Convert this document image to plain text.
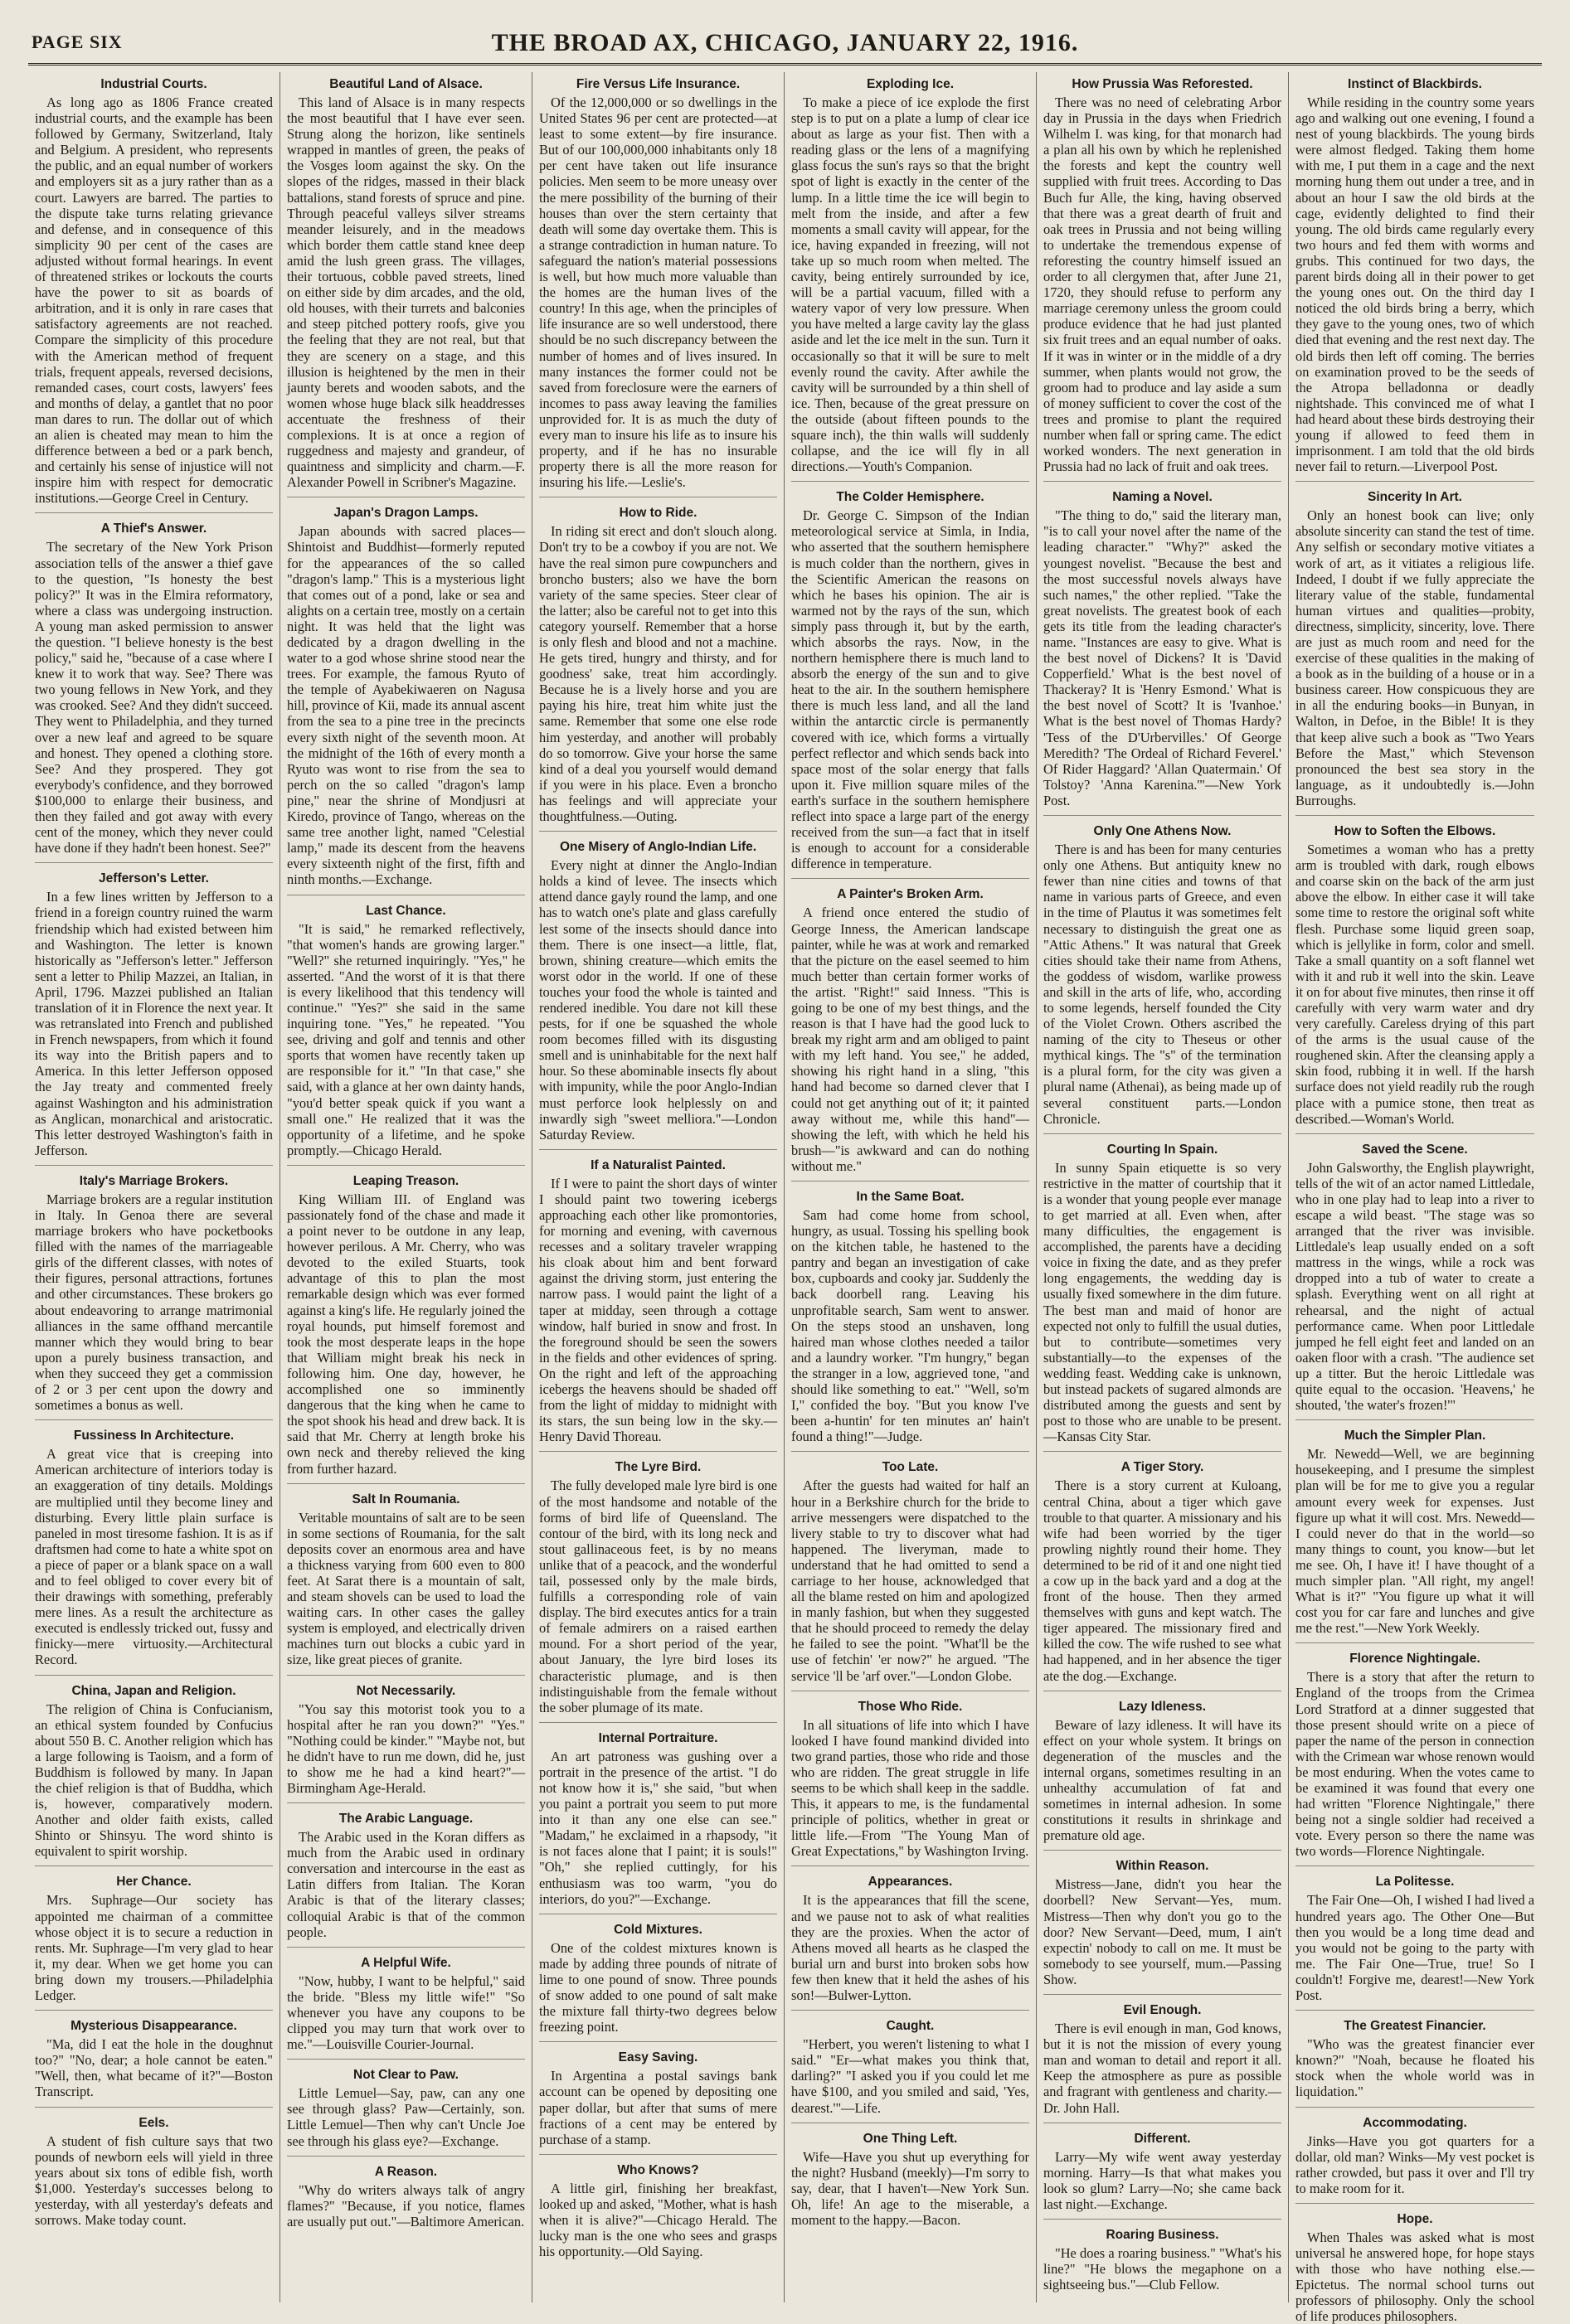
PAGE SIX	THE BROAD AX, CHICAGO, JANUARY 22, 1916.
Industrial Courts.

As long ago as 1806 France created industrial courts, and the example has been followed by Germany, Switzerland, Italy and Belgium. A president, who represents the public, and an equal number of workers and employers sit as a jury rather than as a court. Lawyers are barred. The parties to the dispute take turns relating grievance and defense, and in consequence of this simplicity 90 per cent of the cases are adjusted without formal hearings. In event of threatened strikes or lockouts the courts have the power to sit as boards of arbitration, and it is only in rare cases that satisfactory agreements are not reached. Compare the simplicity of this procedure with the American method of frequent trials, frequent appeals, reversed decisions, remanded cases, court costs, lawyers' fees and months of delay, a gantlet that no poor man dares to run. The dollar out of which an alien is cheated may mean to him the difference between a bed or a park bench, and certainly his sense of injustice will not inspire him with respect for democratic institutions.—George Creel in Century.

A Thief's Answer.

The secretary of the New York Prison association tells of the answer a thief gave to the question, "Is honesty the best policy?" It was in the Elmira reformatory, where a class was undergoing instruction. A young man asked permission to answer the question. "I believe honesty is the best policy," said he, "because of a case where I knew it to work that way. See? There was two young fellows in New York, and they was crooked. See? And they didn't succeed. They went to Philadelphia, and they turned over a new leaf and agreed to be square and honest. They opened a clothing store. See? And they prospered. They got everybody's confidence, and they borrowed $100,000 to enlarge their business, and then they failed and got away with every cent of the money, which they never could have done if they hadn't been honest. See?"

Jefferson's Letter.

In a few lines written by Jefferson to a friend in a foreign country ruined the warm friendship which had existed between him and Washington. The letter is known historically as "Jefferson's letter." Jefferson sent a letter to Philip Mazzei, an Italian, in April, 1796. Mazzei published an Italian translation of it in Florence the next year. It was retranslated into French and published in French newspapers, from which it found its way into the British papers and to America. In this letter Jefferson opposed the Jay treaty and commented freely against Washington and his administration as Anglican, monarchical and aristocratic. This letter destroyed Washington's faith in Jefferson.

Italy's Marriage Brokers.

Marriage brokers are a regular institution in Italy. In Genoa there are several marriage brokers who have pocketbooks filled with the names of the marriageable girls of the different classes, with notes of their figures, personal attractions, fortunes and other circumstances. These brokers go about endeavoring to arrange matrimonial alliances in the same offhand mercantile manner which they would bring to bear upon a purely business transaction, and when they succeed they get a commission of 2 or 3 per cent upon the dowry and sometimes a bonus as well.

Fussiness In Architecture.

A great vice that is creeping into American architecture of interiors today is an exaggeration of tiny details. Moldings are multiplied until they become liney and disturbing. Every little plain surface is paneled in most tiresome fashion. It is as if draftsmen had come to hate a white spot on a piece of paper or a blank space on a wall and to feel obliged to cover every bit of their drawings with something, preferably mere lines. As a result the architecture as executed is endlessly tricked out, fussy and finicky—mere virtuosity.—Architectural Record.

China, Japan and Religion.

The religion of China is Confucianism, an ethical system founded by Confucius about 550 B. C. Another religion which has a large following is Taoism, and a form of Buddhism is followed by many. In Japan the chief religion is that of Buddha, which is, however, comparatively modern. Another and older faith exists, called Shinto or Shinsyu. The word shinto is equivalent to spirit worship.

Her Chance.

Mrs. Suphrage—Our society has appointed me chairman of a committee whose object it is to secure a reduction in rents. Mr. Suphrage—I'm very glad to hear it, my dear. When we get home you can bring down my trousers.—Philadelphia Ledger.

Mysterious Disappearance.

"Ma, did I eat the hole in the doughnut too?" "No, dear; a hole cannot be eaten." "Well, then, what became of it?"—Boston Transcript.

Eels.

A student of fish culture says that two pounds of newborn eels will yield in three years about six tons of edible fish, worth $1,000. Yesterday's successes belong to yesterday, with all yesterday's defeats and sorrows. Make today count.

Beautiful Land of Alsace.

This land of Alsace is in many respects the most beautiful that I have ever seen. Strung along the horizon, like sentinels wrapped in mantles of green, the peaks of the Vosges loom against the sky. On the slopes of the ridges, massed in their black battalions, stand forests of spruce and pine. Through peaceful valleys silver streams meander leisurely, and in the meadows which border them cattle stand knee deep amid the lush green grass. The villages, their tortuous, cobble paved streets, lined on either side by dim arcades, and the old, old houses, with their turrets and balconies and steep pitched pottery roofs, give you the feeling that they are not real, but that they are scenery on a stage, and this illusion is heightened by the men in their jaunty berets and wooden sabots, and the women whose huge black silk headdresses accentuate the freshness of their complexions. It is at once a region of ruggedness and majesty and grandeur, of quaintness and simplicity and charm.—F. Alexander Powell in Scribner's Magazine.

Japan's Dragon Lamps.

Japan abounds with sacred places—Shintoist and Buddhist—formerly reputed for the appearances of the so called "dragon's lamp." This is a mysterious light that comes out of a pond, lake or sea and alights on a certain tree, mostly on a certain night. It was held that the light was dedicated by a dragon dwelling in the water to a god whose shrine stood near the trees. For example, the famous Ryuto of the temple of Ayabekiwaeren on Nagusa hill, province of Kii, made its annual ascent from the sea to a pine tree in the precincts every sixth night of the seventh moon. At the midnight of the 16th of every month a Ryuto was wont to rise from the sea to perch on the so called "dragon's lamp pine," near the shrine of Mondjusri at Kiredo, province of Tango, whereas on the same tree another light, named "Celestial lamp," made its descent from the heavens every sixteenth night of the first, fifth and ninth months.—Exchange.

Last Chance.

"It is said," he remarked reflectively, "that women's hands are growing larger." "Well?" she returned inquiringly. "Yes," he asserted. "And the worst of it is that there is every likelihood that this tendency will continue." "Yes?" she said in the same inquiring tone. "Yes," he repeated. "You see, driving and golf and tennis and other sports that women have recently taken up are responsible for it." "In that case," she said, with a glance at her own dainty hands, "you'd better speak quick if you want a small one." He realized that it was the opportunity of a lifetime, and he spoke promptly.—Chicago Herald.

Leaping Treason.

King William III. of England was passionately fond of the chase and made it a point never to be outdone in any leap, however perilous. A Mr. Cherry, who was devoted to the exiled Stuarts, took advantage of this to plan the most remarkable design which was ever formed against a king's life. He regularly joined the royal hounds, put himself foremost and took the most desperate leaps in the hope that William might break his neck in following him. One day, however, he accomplished one so imminently dangerous that the king when he came to the spot shook his head and drew back. It is said that Mr. Cherry at length broke his own neck and thereby relieved the king from further hazard.

Salt In Roumania.

Veritable mountains of salt are to be seen in some sections of Roumania, for the salt deposits cover an enormous area and have a thickness varying from 600 even to 800 feet. At Sarat there is a mountain of salt, and steam shovels can be used to load the waiting cars. In other cases the galley system is employed, and electrically driven machines turn out blocks a cubic yard in size, like great pieces of granite.

Not Necessarily.

"You say this motorist took you to a hospital after he ran you down?" "Yes." "Nothing could be kinder." "Maybe not, but he didn't have to run me down, did he, just to show me he had a kind heart?"—Birmingham Age-Herald.

The Arabic Language.

The Arabic used in the Koran differs as much from the Arabic used in ordinary conversation and intercourse in the east as Latin differs from Italian. The Koran Arabic is that of the literary classes; colloquial Arabic is that of the common people.

A Helpful Wife.

"Now, hubby, I want to be helpful," said the bride. "Bless my little wife!" "So whenever you have any coupons to be clipped you may turn that work over to me."—Louisville Courier-Journal.

Not Clear to Paw.

Little Lemuel—Say, paw, can any one see through glass? Paw—Certainly, son. Little Lemuel—Then why can't Uncle Joe see through his glass eye?—Exchange.

A Reason.

"Why do writers always talk of angry flames?" "Because, if you notice, flames are usually put out."—Baltimore American.

Fire Versus Life Insurance.

Of the 12,000,000 or so dwellings in the United States 96 per cent are protected—at least to some extent—by fire insurance. But of our 100,000,000 inhabitants only 18 per cent have taken out life insurance policies. Men seem to be more uneasy over the mere possibility of the burning of their houses than over the stern certainty that death will some day overtake them. This is a strange contradiction in human nature. To safeguard the nation's material possessions is well, but how much more valuable than the homes are the human lives of the country! In this age, when the principles of life insurance are so well understood, there should be no such discrepancy between the number of homes and of lives insured. In many instances the former could not be saved from foreclosure were the earners of incomes to pass away leaving the families unprovided for. It is as much the duty of every man to insure his life as to insure his property, and if he has no insurable property there is all the more reason for insuring his life.—Leslie's.

How to Ride.

In riding sit erect and don't slouch along. Don't try to be a cowboy if you are not. We have the real simon pure cowpunchers and broncho busters; also we have the born variety of the same species. Steer clear of the latter; also be careful not to get into this category yourself. Remember that a horse is only flesh and blood and not a machine. He gets tired, hungry and thirsty, and for goodness' sake, treat him accordingly. Because he is a lively horse and you are paying his hire, treat him white just the same. Remember that some one else rode him yesterday, and another will probably do so tomorrow. Give your horse the same kind of a deal you yourself would demand if you were in his place. Even a broncho has feelings and will appreciate your thoughtfulness.—Outing.

One Misery of Anglo-Indian Life.

Every night at dinner the Anglo-Indian holds a kind of levee. The insects which attend dance gayly round the lamp, and one has to watch one's plate and glass carefully lest some of the insects should dance into them. There is one insect—a little, flat, brown, shining creature—which emits the worst odor in the world. If one of these touches your food the whole is tainted and rendered inedible. You dare not kill these pests, for if one be squashed the whole room becomes filled with its disgusting smell and is uninhabitable for the next half hour. So these abominable insects fly about with impunity, while the poor Anglo-Indian must perforce look helplessly on and inwardly sigh "sweet melliora."—London Saturday Review.

If a Naturalist Painted.

If I were to paint the short days of winter I should paint two towering icebergs approaching each other like promontories, for morning and evening, with cavernous recesses and a solitary traveler wrapping his cloak about him and bent forward against the driving storm, just entering the narrow pass. I would paint the light of a taper at midday, seen through a cottage window, half buried in snow and frost. In the foreground should be seen the sowers in the fields and other evidences of spring. On the right and left of the approaching icebergs the heavens should be shaded off from the light of midday to midnight with its stars, the sun being low in the sky.—Henry David Thoreau.

The Lyre Bird.

The fully developed male lyre bird is one of the most handsome and notable of the forms of bird life of Queensland. The contour of the bird, with its long neck and stout gallinaceous feet, is by no means unlike that of a peacock, and the wonderful tail, possessed only by the male birds, fulfills a corresponding role of vain display. The bird executes antics for a train of female admirers on a raised earthen mound. For a short period of the year, about January, the lyre bird loses its characteristic plumage, and is then indistinguishable from the female without the sober plumage of its mate.

Internal Portraiture.

An art patroness was gushing over a portrait in the presence of the artist. "I do not know how it is," she said, "but when you paint a portrait you seem to put more into it than any one else can see." "Madam," he exclaimed in a rhapsody, "it is not faces alone that I paint; it is souls!" "Oh," she replied cuttingly, for his enthusiasm was too warm, "you do interiors, do you?"—Exchange.

Cold Mixtures.

One of the coldest mixtures known is made by adding three pounds of nitrate of lime to one pound of snow. Three pounds of snow added to one pound of salt make the mixture fall thirty-two degrees below freezing point.

Easy Saving.

In Argentina a postal savings bank account can be opened by depositing one paper dollar, but after that sums of mere fractions of a cent may be entered by purchase of a stamp.

Who Knows?

A little girl, finishing her breakfast, looked up and asked, "Mother, what is hash when it is alive?"—Chicago Herald. The lucky man is the one who sees and grasps his opportunity.—Old Saying.

Exploding Ice.

To make a piece of ice explode the first step is to put on a plate a lump of clear ice about as large as your fist. Then with a reading glass or the lens of a magnifying glass focus the sun's rays so that the bright spot of light is exactly in the center of the lump. In a little time the ice will begin to melt from the inside, and after a few moments a small cavity will appear, for the ice, having expanded in freezing, will not take up so much room when melted. The cavity, being entirely surrounded by ice, will be a partial vacuum, filled with a watery vapor of very low pressure. When you have melted a large cavity lay the glass aside and let the ice melt in the sun. Turn it occasionally so that it will be sure to melt evenly round the cavity. After awhile the cavity will be surrounded by a thin shell of ice. Then, because of the great pressure on the outside (about fifteen pounds to the square inch), the thin walls will suddenly collapse, and the ice will fly in all directions.—Youth's Companion.

The Colder Hemisphere.

Dr. George C. Simpson of the Indian meteorological service at Simla, in India, who asserted that the southern hemisphere is much colder than the northern, gives in the Scientific American the reasons on which he bases his opinion. The air is warmed not by the rays of the sun, which simply pass through it, but by the earth, which absorbs the rays. Now, in the northern hemisphere there is much land to absorb the energy of the sun and to give heat to the air. In the southern hemisphere there is much less land, and all the land within the antarctic circle is permanently covered with ice, which forms a virtually perfect reflector and which sends back into space most of the solar energy that falls upon it. Five million square miles of the earth's surface in the southern hemisphere reflect into space a large part of the energy received from the sun—a fact that in itself is enough to account for a considerable difference in temperature.

A Painter's Broken Arm.

A friend once entered the studio of George Inness, the American landscape painter, while he was at work and remarked that the picture on the easel seemed to him much better than certain former works of the artist. "Right!" said Inness. "This is going to be one of my best things, and the reason is that I have had the good luck to break my right arm and am obliged to paint with my left hand. You see," he added, showing his right hand in a sling, "this hand had become so darned clever that I could not get anything out of it; it painted away without me, while this hand"—showing the left, with which he held his brush—"is awkward and can do nothing without me."

In the Same Boat.

Sam had come home from school, hungry, as usual. Tossing his spelling book on the kitchen table, he hastened to the pantry and began an investigation of cake box, cupboards and cooky jar. Suddenly the back doorbell rang. Leaving his unprofitable search, Sam went to answer. On the steps stood an unshaven, long haired man whose clothes needed a tailor and a laundry worker. "I'm hungry," began the stranger in a low, aggrieved tone, "and should like something to eat." "Well, so'm I," confided the boy. "But you know I've been a-huntin' for ten minutes an' hain't found a thing!"—Judge.

Too Late.

After the guests had waited for half an hour in a Berkshire church for the bride to arrive messengers were dispatched to the livery stable to try to discover what had happened. The liveryman, made to understand that he had omitted to send a carriage to her house, acknowledged that all the blame rested on him and apologized in manly fashion, but when they suggested that he should proceed to remedy the delay he failed to see the point. "What'll be the use of fetchin' 'er now?" he argued. "The service 'll be 'arf over."—London Globe.

Those Who Ride.

In all situations of life into which I have looked I have found mankind divided into two grand parties, those who ride and those who are ridden. The great struggle in life seems to be which shall keep in the saddle. This, it appears to me, is the fundamental principle of politics, whether in great or little life.—From "The Young Man of Great Expectations," by Washington Irving.

Appearances.

It is the appearances that fill the scene, and we pause not to ask of what realities they are the proxies. When the actor of Athens moved all hearts as he clasped the burial urn and burst into broken sobs how few then knew that it held the ashes of his son!—Bulwer-Lytton.

Caught.

"Herbert, you weren't listening to what I said." "Er—what makes you think that, darling?" "I asked you if you could let me have $100, and you smiled and said, 'Yes, dearest.'"—Life.

One Thing Left.

Wife—Have you shut up everything for the night? Husband (meekly)—I'm sorry to say, dear, that I haven't—New York Sun. Oh, life! An age to the miserable, a moment to the happy.—Bacon.

How Prussia Was Reforested.

There was no need of celebrating Arbor day in Prussia in the days when Friedrich Wilhelm I. was king, for that monarch had a plan all his own by which he replenished the forests and kept the country well supplied with fruit trees. According to Das Buch fur Alle, the king, having observed that there was a great dearth of fruit and oak trees in Prussia and not being willing to undertake the tremendous expense of reforesting the country himself issued an order to all clergymen that, after June 21, 1720, they should refuse to perform any marriage ceremony unless the groom could produce evidence that he had just planted six fruit trees and an equal number of oaks. If it was in winter or in the middle of a dry summer, when plants would not grow, the groom had to produce and lay aside a sum of money sufficient to cover the cost of the trees and promise to plant the required number when fall or spring came. The edict worked wonders. The next generation in Prussia had no lack of fruit and oak trees.

Naming a Novel.

"The thing to do," said the literary man, "is to call your novel after the name of the leading character." "Why?" asked the youngest novelist. "Because the best and the most successful novels always have such names," the other replied. "Take the great novelists. The greatest book of each gets its title from the leading character's name. "Instances are easy to give. What is the best novel of Dickens? It is 'David Copperfield.' What is the best novel of Thackeray? It is 'Henry Esmond.' What is the best novel of Scott? It is 'Ivanhoe.' What is the best novel of Thomas Hardy? 'Tess of the D'Urbervilles.' Of George Meredith? 'The Ordeal of Richard Feverel.' Of Rider Haggard? 'Allan Quatermain.' Of Tolstoy? 'Anna Karenina.'"—New York Post.

Only One Athens Now.

There is and has been for many centuries only one Athens. But antiquity knew no fewer than nine cities and towns of that name in various parts of Greece, and even in the time of Plautus it was sometimes felt necessary to distinguish the great one as "Attic Athens." It was natural that Greek cities should take their name from Athens, the goddess of wisdom, warlike prowess and skill in the arts of life, who, according to some legends, herself founded the City of the Violet Crown. Others ascribed the naming of the city to Theseus or other mythical kings. The "s" of the termination is a plural form, for the city was given a plural name (Athenai), as being made up of several constituent parts.—London Chronicle.

Courting In Spain.

In sunny Spain etiquette is so very restrictive in the matter of courtship that it is a wonder that young people ever manage to get married at all. Even when, after many difficulties, the engagement is accomplished, the parents have a deciding voice in fixing the date, and as they prefer long engagements, the wedding day is usually fixed somewhere in the dim future. The best man and maid of honor are expected not only to fulfill the usual duties, but to contribute—sometimes very substantially—to the expenses of the wedding feast. Wedding cake is unknown, but instead packets of sugared almonds are distributed among the guests and sent by post to those who are unable to be present.—Kansas City Star.

A Tiger Story.

There is a story current at Kuloang, central China, about a tiger which gave trouble to that quarter. A missionary and his wife had been worried by the tiger prowling nightly round their home. They determined to be rid of it and one night tied a cow up in the back yard and a dog at the front of the house. Then they armed themselves with guns and kept watch. The tiger appeared. The missionary fired and killed the cow. The wife rushed to see what had happened, and in her absence the tiger ate the dog.—Exchange.

Lazy Idleness.

Beware of lazy idleness. It will have its effect on your whole system. It brings on degeneration of the muscles and the internal organs, sometimes resulting in an unhealthy accumulation of fat and sometimes in internal adhesion. In some constitutions it results in shrinkage and premature old age.

Within Reason.

Mistress—Jane, didn't you hear the doorbell? New Servant—Yes, mum. Mistress—Then why don't you go to the door? New Servant—Deed, mum, I ain't expectin' nobody to call on me. It must be somebody to see yourself, mum.—Passing Show.

Evil Enough.

There is evil enough in man, God knows, but it is not the mission of every young man and woman to detail and report it all. Keep the atmosphere as pure as possible and fragrant with gentleness and charity.—Dr. John Hall.

Different.

Larry—My wife went away yesterday morning. Harry—Is that what makes you look so glum? Larry—No; she came back last night.—Exchange.

Roaring Business.

"He does a roaring business." "What's his line?" "He blows the megaphone on a sightseeing bus."—Club Fellow.

Instinct of Blackbirds.

While residing in the country some years ago and walking out one evening, I found a nest of young blackbirds. The young birds were almost fledged. Taking them home with me, I put them in a cage and the next morning hung them out under a tree, and in about an hour I saw the old birds at the cage, evidently delighted to find their young. The old birds came regularly every two hours and fed them with worms and grubs. This continued for two days, the parent birds doing all in their power to get the young ones out. On the third day I noticed the old birds bring a berry, which they gave to the young ones, two of which died that evening and the rest next day. The old birds then left off coming. The berries on examination proved to be the seeds of the Atropa belladonna or deadly nightshade. This convinced me of what I had heard about these birds destroying their young if allowed to feed them in imprisonment. I am told that the old birds never fail to return.—Liverpool Post.

Sincerity In Art.

Only an honest book can live; only absolute sincerity can stand the test of time. Any selfish or secondary motive vitiates a work of art, as it vitiates a religious life. Indeed, I doubt if we fully appreciate the literary value of the stable, fundamental human virtues and qualities—probity, directness, simplicity, sincerity, love. There are just as much room and need for the exercise of these qualities in the making of a book as in the building of a house or in a business career. How conspicuous they are in all the enduring books—in Bunyan, in Walton, in Defoe, in the Bible! It is they that keep alive such a book as "Two Years Before the Mast," which Stevenson pronounced the best sea story in the language, as it undoubtedly is.—John Burroughs.

How to Soften the Elbows.

Sometimes a woman who has a pretty arm is troubled with dark, rough elbows and coarse skin on the back of the arm just above the elbow. In either case it will take some time to restore the original soft white flesh. Purchase some liquid green soap, which is jellylike in form, color and smell. Take a small quantity on a soft flannel wet with it and rub it well into the skin. Leave it on for about five minutes, then rinse it off carefully with very warm water and dry very carefully. Careless drying of this part of the arms is the usual cause of the roughened skin. After the cleansing apply a skin food, rubbing it in well. If the harsh surface does not yield readily rub the rough place with a pumice stone, then treat as described.—Woman's World.

Saved the Scene.

John Galsworthy, the English playwright, tells of the wit of an actor named Littledale, who in one play had to leap into a river to escape a wild beast. "The stage was so arranged that the river was invisible. Littledale's leap usually ended on a soft mattress in the wings, while a rock was dropped into a tub of water to create a splash. Everything went on all right at rehearsal, and the night of actual performance came. When poor Littledale jumped he fell eight feet and landed on an oaken floor with a crash. "The audience set up a titter. But the heroic Littledale was quite equal to the occasion. 'Heavens,' he shouted, 'the water's frozen!'"

Much the Simpler Plan.

Mr. Newedd—Well, we are beginning housekeeping, and I presume the simplest plan will be for me to give you a regular amount every week for expenses. Just figure up what it will cost. Mrs. Newedd—I could never do that in the world—so many things to count, you know—but let me see. Oh, I have it! I have thought of a much simpler plan. "All right, my angel! What is it?" "You figure up what it will cost you for car fare and lunches and give me the rest."—New York Weekly.

Florence Nightingale.

There is a story that after the return to England of the troops from the Crimea Lord Stratford at a dinner suggested that those present should write on a piece of paper the name of the person in connection with the Crimean war whose renown would be most enduring. When the votes came to be examined it was found that every one had written "Florence Nightingale," there being not a single soldier had received a vote. Every person so there the name was two words—Florence Nightingale.

La Politesse.

The Fair One—Oh, I wished I had lived a hundred years ago. The Other One—But then you would be a long time dead and you would not be going to the party with me. The Fair One—True, true! So I couldn't! Forgive me, dearest!—New York Post.

The Greatest Financier.

"Who was the greatest financier ever known?" "Noah, because he floated his stock when the whole world was in liquidation."

Accommodating.

Jinks—Have you got quarters for a dollar, old man? Winks—My vest pocket is rather crowded, but pass it over and I'll try to make room for it.

Hope.

When Thales was asked what is most universal he answered hope, for hope stays with those who have nothing else.—Epictetus. The normal school turns out professors of philosophy. Only the school of life produces philosophers.
